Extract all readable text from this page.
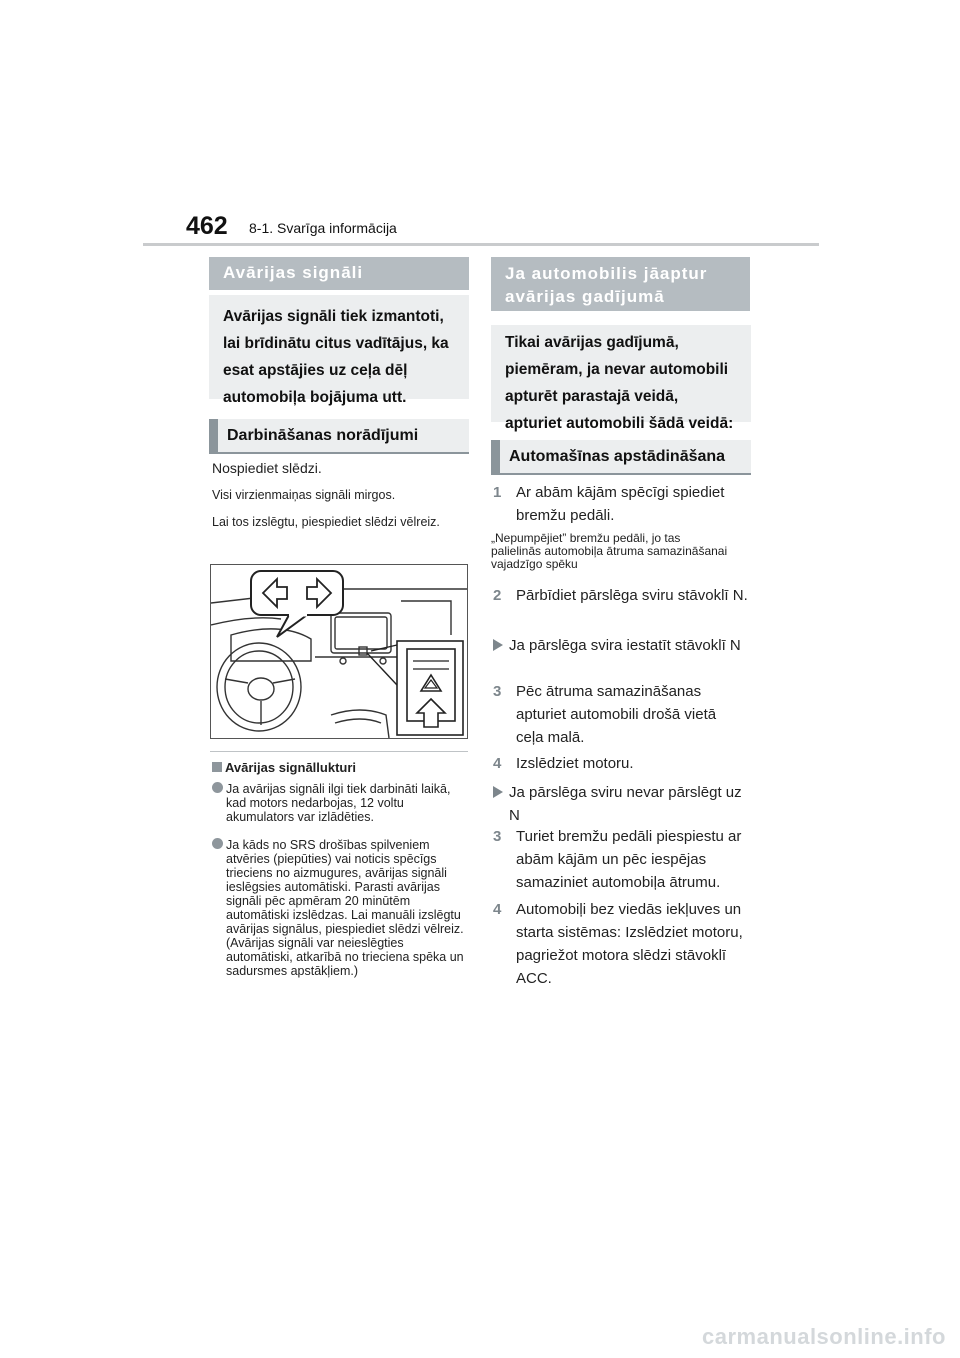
462 8-1. Svarīga informācija
Avārijas signāli
Avārijas signāli tiek izmantoti, lai brīdinātu citus vadītājus, ka esat apstājies uz ceļa dēļ automobiļa bojājuma utt.
Darbināšanas norādījumi
Nospiediet slēdzi.
Visi virzienmaiņas signāli mirgos.
Lai tos izslēgtu, piespiediet slēdzi vēlreiz.
Avārijas signāllukturi
Ja avārijas signāli ilgi tiek darbināti laikā, kad motors nedarbojas, 12 voltu akumulators var izlādēties.
Ja kāds no SRS drošības spilveniem atvēries (piepūties) vai noticis spēcīgs trieciens no aizmugures, avārijas signāli ieslēgsies automātiski. Parasti avārijas signāli pēc apmēram 20 minūtēm automātiski izslēdzas. Lai manuāli izslēgtu avārijas signālus, piespiediet slēdzi vēlreiz. (Avārijas signāli var neieslēgties automātiski, atkarībā no trieciena spēka un sadursmes apstākļiem.)
Ja automobilis jāaptur avārijas gadījumā
Tikai avārijas gadījumā, piemēram, ja nevar automobili apturēt parastajā veidā, apturiet automobili šādā veidā:
Automašīnas apstādināšana
1 Ar abām kājām spēcīgi spiediet bremžu pedāli.
„Nepumpējiet” bremžu pedāli, jo tas palielinās automobiļa ātruma samazināšanai vajadzīgo spēku
2 Pārbīdiet pārslēga sviru stāvoklī N.
Ja pārslēga svira iestatīt stāvoklī N
3 Pēc ātruma samazināšanas apturiet automobili drošā vietā ceļa malā.
4 Izslēdziet motoru.
Ja pārslēga sviru nevar pārslēgt uz N
3 Turiet bremžu pedāli piespiestu ar abām kājām un pēc iespējas samaziniet automobiļa ātrumu.
4 Automobiļi bez viedās iekļuves un starta sistēmas: Izslēdziet motoru, pagriežot motora slēdzi stāvoklī ACC.
carmanualsonline.info
